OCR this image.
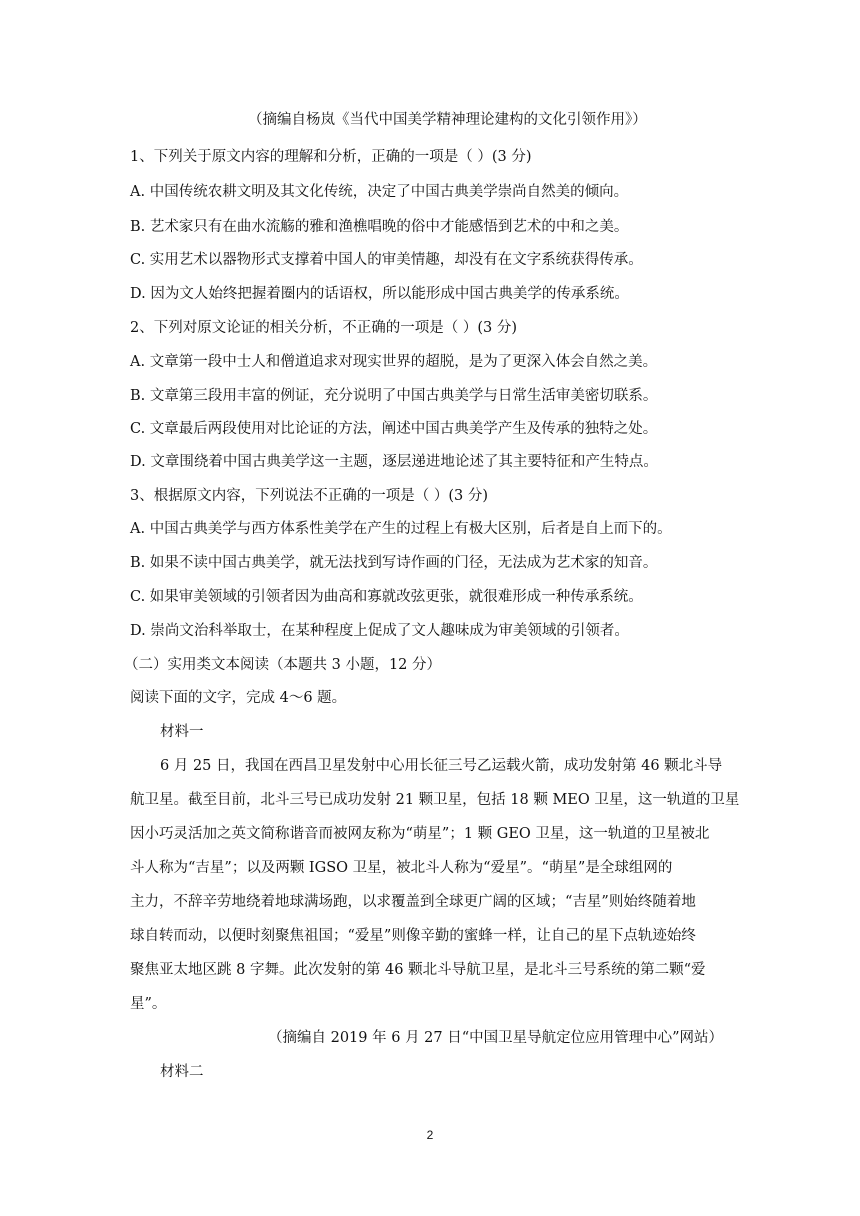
（摘编自杨岚《当代中国美学精神理论建构的文化引领作用》）
1、下列关于原文内容的理解和分析，正确的一项是（ ）(3 分)
A. 中国传统农耕文明及其文化传统，决定了中国古典美学崇尚自然美的倾向。
B. 艺术家只有在曲水流觞的雅和渔樵唱晚的俗中才能感悟到艺术的中和之美。
C. 实用艺术以器物形式支撑着中国人的审美情趣，却没有在文字系统获得传承。
D. 因为文人始终把握着圈内的话语权，所以能形成中国古典美学的传承系统。
2、下列对原文论证的相关分析，不正确的一项是（ ）(3 分)
A. 文章第一段中士人和僧道追求对现实世界的超脱，是为了更深入体会自然之美。
B. 文章第三段用丰富的例证，充分说明了中国古典美学与日常生活审美密切联系。
C. 文章最后两段使用对比论证的方法，阐述中国古典美学产生及传承的独特之处。
D. 文章围绕着中国古典美学这一主题，逐层递进地论述了其主要特征和产生特点。
3、根据原文内容，下列说法不正确的一项是（ ）(3 分)
A. 中国古典美学与西方体系性美学在产生的过程上有极大区别，后者是自上而下的。
B. 如果不读中国古典美学，就无法找到写诗作画的门径，无法成为艺术家的知音。
C. 如果审美领域的引领者因为曲高和寡就改弦更张，就很难形成一种传承系统。
D. 崇尚文治科举取士，在某种程度上促成了文人趣味成为审美领域的引领者。
（二）实用类文本阅读（本题共 3 小题，12 分）
阅读下面的文字，完成 4～6 题。
材料一
6 月 25 日，我国在西昌卫星发射中心用长征三号乙运载火箭，成功发射第 46 颗北斗导
航卫星。截至目前，北斗三号已成功发射 21 颗卫星，包括 18 颗 MEO 卫星，这一轨道的卫星
因小巧灵活加之英文简称谐音而被网友称为“萌星”；1 颗 GEO 卫星，这一轨道的卫星被北
斗人称为“吉星”；以及两颗 IGSO 卫星，被北斗人称为“爱星”。“萌星”是全球组网的
主力，不辞辛劳地绕着地球满场跑，以求覆盖到全球更广阔的区域；“吉星”则始终随着地
球自转而动，以便时刻聚焦祖国；“爱星”则像辛勤的蜜蜂一样，让自己的星下点轨迹始终
聚焦亚太地区跳 8 字舞。此次发射的第 46 颗北斗导航卫星，是北斗三号系统的第二颗“爱
星”。
（摘编自 2019 年 6 月 27 日“中国卫星导航定位应用管理中心”网站）
材料二
2
